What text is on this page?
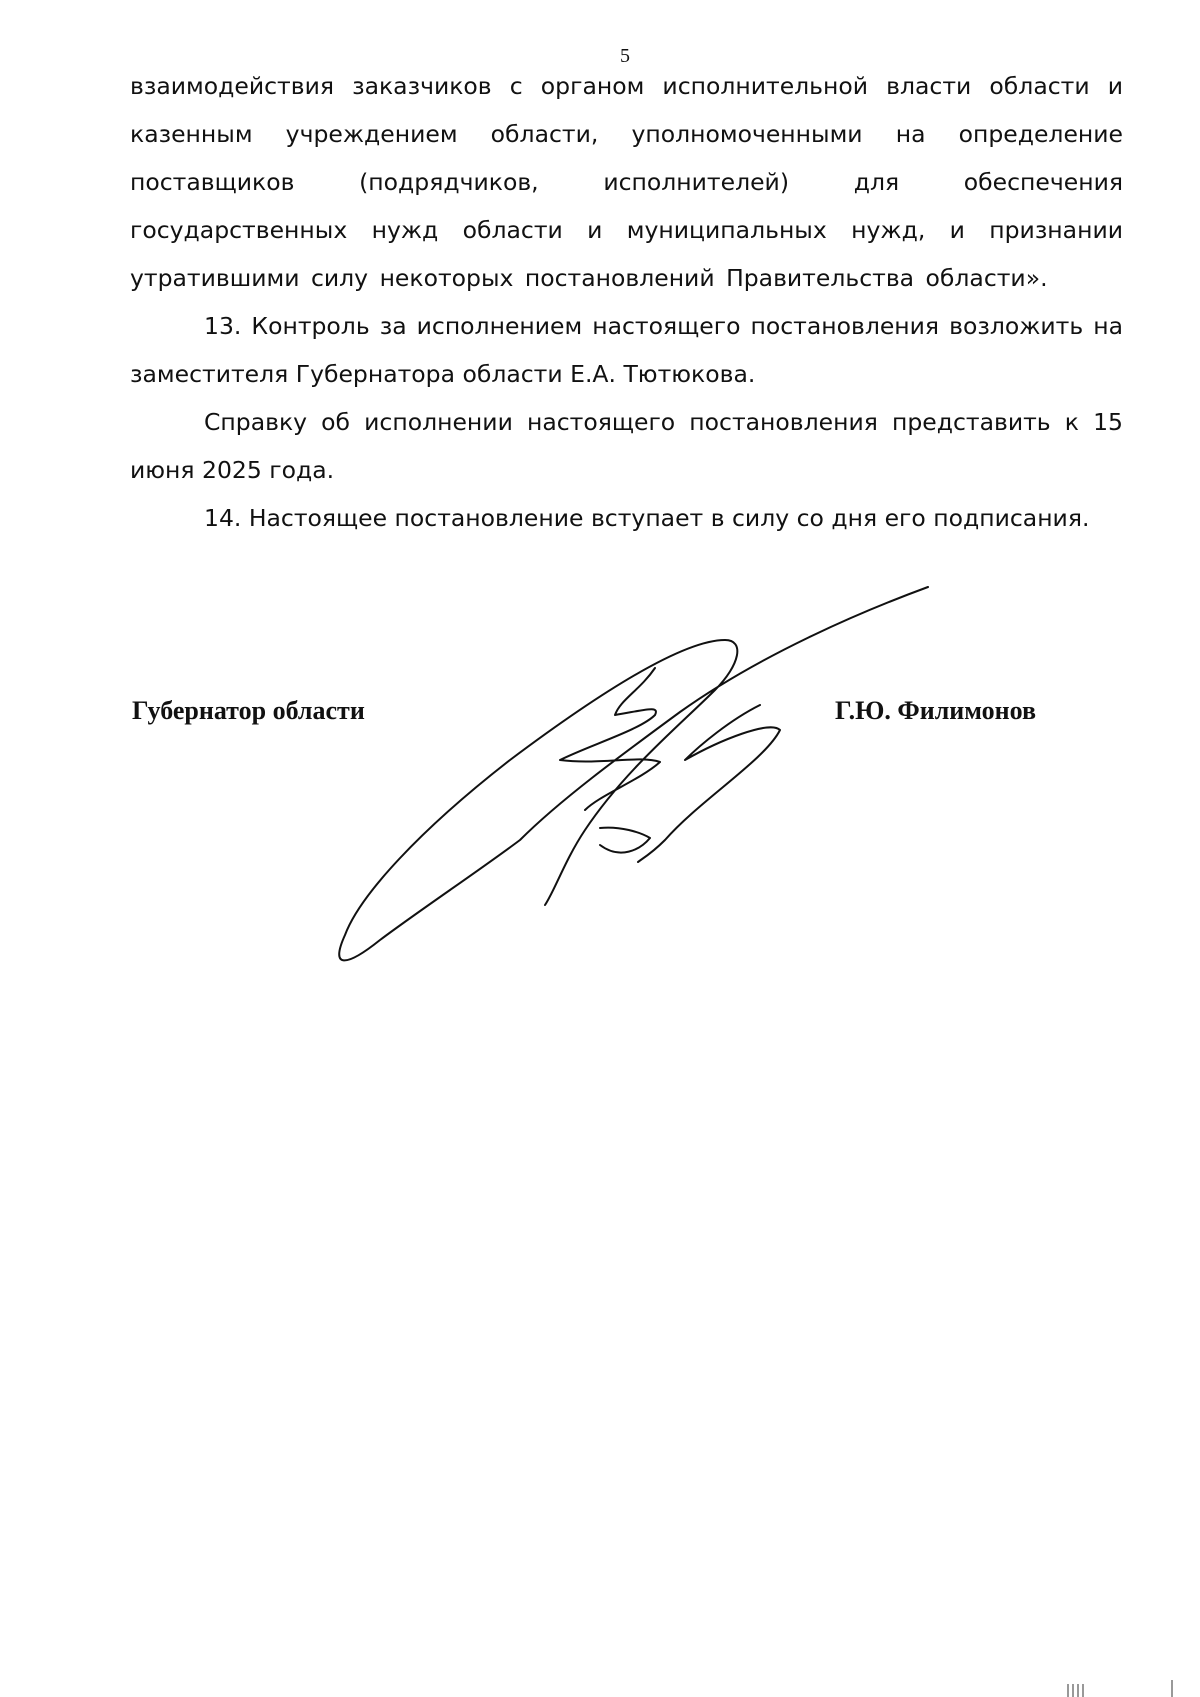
5

взаимодействия заказчиков с органом исполнительной власти области и казенным учреждением области, уполномоченными на определение поставщиков (подрядчиков, исполнителей) для обеспечения государственных нужд области и муниципальных нужд, и признании утратившими силу некоторых постановлений Правительства области».

13. Контроль за исполнением настоящего постановления возложить на заместителя Губернатора области Е.А. Тютюкова.

Справку об исполнении настоящего постановления представить к 15 июня 2025 года.

14. Настоящее постановление вступает в силу со дня его подписания.

Губернатор области	Г.Ю. Филимонов
